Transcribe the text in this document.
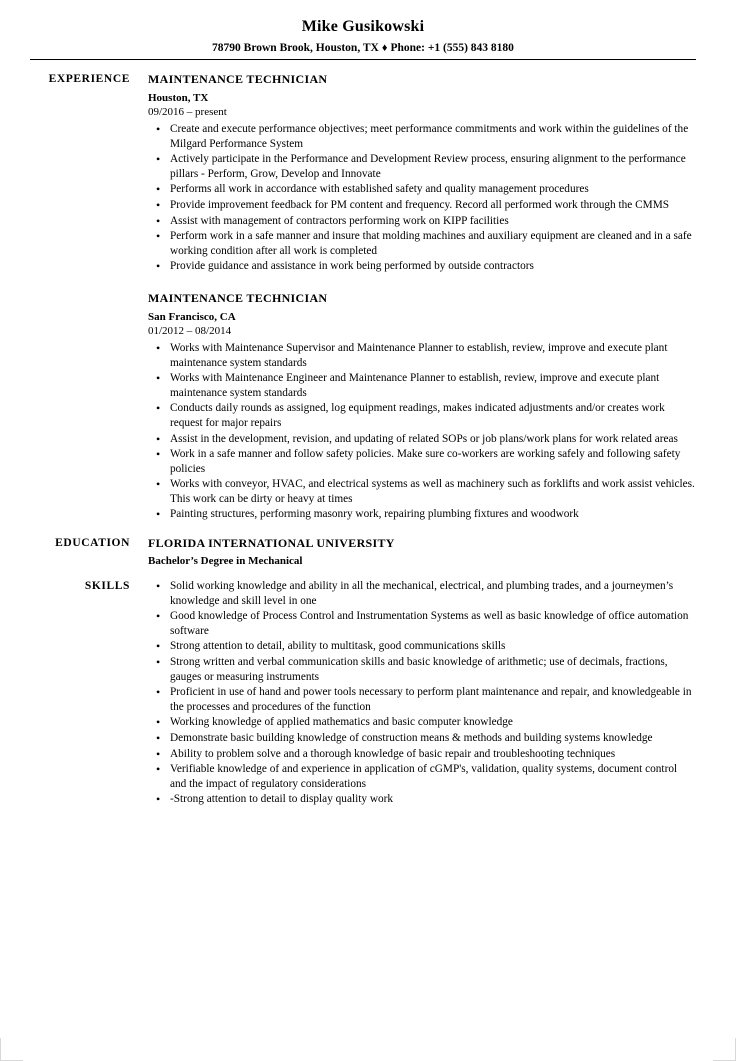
Mike Gusikowski
78790 Brown Brook, Houston, TX ♦ Phone: +1 (555) 843 8180
EXPERIENCE	MAINTENANCE TECHNICIAN
Houston, TX
09/2016 – present
• Create and execute performance objectives; meet performance commitments and work within the guidelines of the Milgard Performance System
• Actively participate in the Performance and Development Review process, ensuring alignment to the performance pillars - Perform, Grow, Develop and Innovate
• Performs all work in accordance with established safety and quality management procedures
• Provide improvement feedback for PM content and frequency. Record all performed work through the CMMS
• Assist with management of contractors performing work on KIPP facilities
• Perform work in a safe manner and insure that molding machines and auxiliary equipment are cleaned and in a safe working condition after all work is completed
• Provide guidance and assistance in work being performed by outside contractors
MAINTENANCE TECHNICIAN
San Francisco, CA
01/2012 – 08/2014
• Works with Maintenance Supervisor and Maintenance Planner to establish, review, improve and execute plant maintenance system standards
• Works with Maintenance Engineer and Maintenance Planner to establish, review, improve and execute plant maintenance system standards
• Conducts daily rounds as assigned, log equipment readings, makes indicated adjustments and/or creates work request for major repairs
• Assist in the development, revision, and updating of related SOPs or job plans/work plans for work related areas
• Work in a safe manner and follow safety policies. Make sure co-workers are working safely and following safety policies
• Works with conveyor, HVAC, and electrical systems as well as machinery such as forklifts and work assist vehicles. This work can be dirty or heavy at times
• Painting structures, performing masonry work, repairing plumbing fixtures and woodwork
EDUCATION	FLORIDA INTERNATIONAL UNIVERSITY
Bachelor’s Degree in Mechanical
SKILLS	• Solid working knowledge and ability in all the mechanical, electrical, and plumbing trades, and a journeymen’s knowledge and skill level in one
• Good knowledge of Process Control and Instrumentation Systems as well as basic knowledge of office automation software
• Strong attention to detail, ability to multitask, good communications skills
• Strong written and verbal communication skills and basic knowledge of arithmetic; use of decimals, fractions, gauges or measuring instruments
• Proficient in use of hand and power tools necessary to perform plant maintenance and repair, and knowledgeable in the processes and procedures of the function
• Working knowledge of applied mathematics and basic computer knowledge
• Demonstrate basic building knowledge of construction means & methods and building systems knowledge
• Ability to problem solve and a thorough knowledge of basic repair and troubleshooting techniques
• Verifiable knowledge of and experience in application of cGMP's, validation, quality systems, document control and the impact of regulatory considerations
• -Strong attention to detail to display quality work
